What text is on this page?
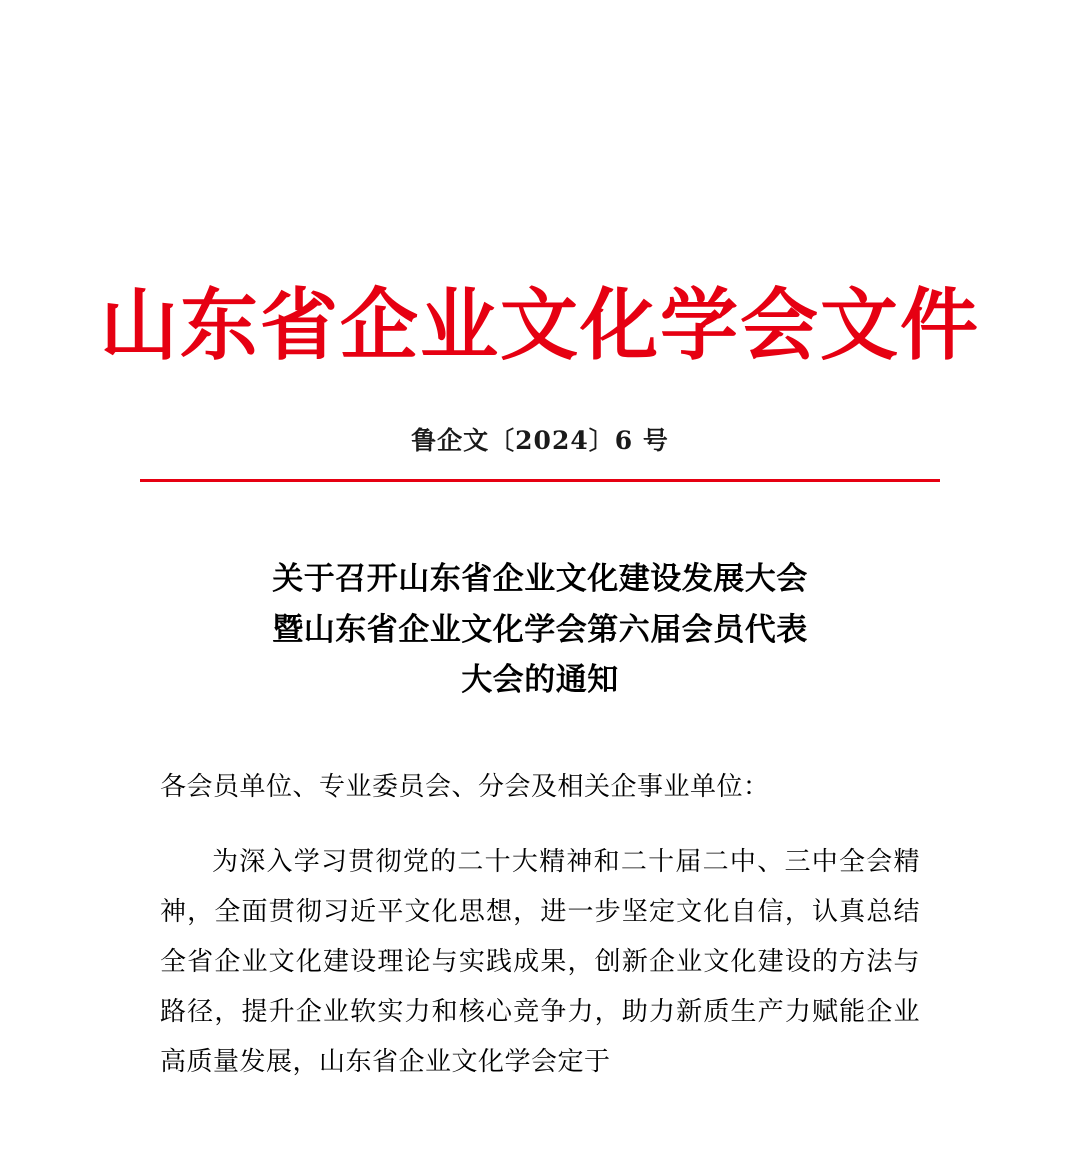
山东省企业文化学会文件
鲁企文〔2024〕6 号
关于召开山东省企业文化建设发展大会
暨山东省企业文化学会第六届会员代表
大会的通知
各会员单位、专业委员会、分会及相关企事业单位：

为深入学习贯彻党的二十大精神和二十届二中、三中全会精神，全面贯彻习近平文化思想，进一步坚定文化自信，认真总结全省企业文化建设理论与实践成果，创新企业文化建设的方法与路径，提升企业软实力和核心竞争力，助力新质生产力赋能企业高质量发展，山东省企业文化学会定于
